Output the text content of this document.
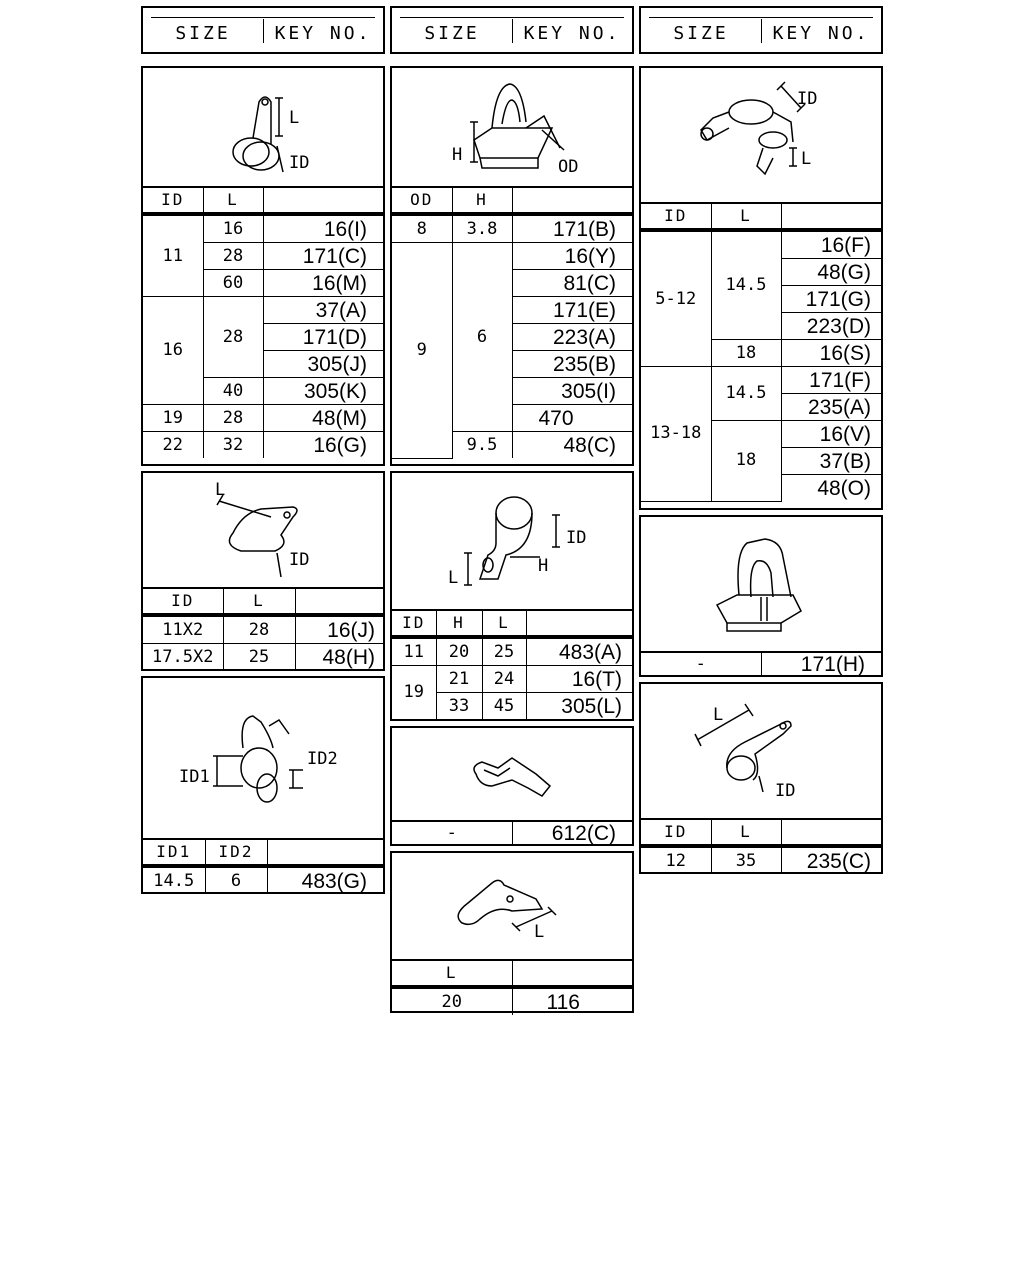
SIZE	KEY NO.	SIZE	KEY NO.	SIZE	KEY NO.
L
ID
ID	L	
11	16	16(I)
	28	171(C)
	60	16(M)
16	28	37(A)
		171(D)
		305(J)
	40	305(K)
19	28	48(M)
22	32	16(G)
L
ID
ID	L	
11X2	28	16(J)
17.5X2	25	48(H)
ID1
ID2
ID1	ID2	
14.5	6	483(G)
H
OD
OD	H	
8	3.8	171(B)
9	6	16(Y)
		81(C)
		171(E)
		223(A)
		235(B)
		305(I)
		470
	9.5	48(C)
L
ID
H
ID	H	L	
11	20	25	483(A)
19	21	24	16(T)
	33	45	305(L)
-	612(C)
L
L	
20	116
ID
L
ID	L	
5-12	14.5	16(F)
		48(G)
		171(G)
		223(D)
	18	16(S)
13-18	14.5	171(F)
		235(A)
	18	16(V)
		37(B)
		48(O)
-	171(H)
L
ID
ID	L	
12	35	235(C)
